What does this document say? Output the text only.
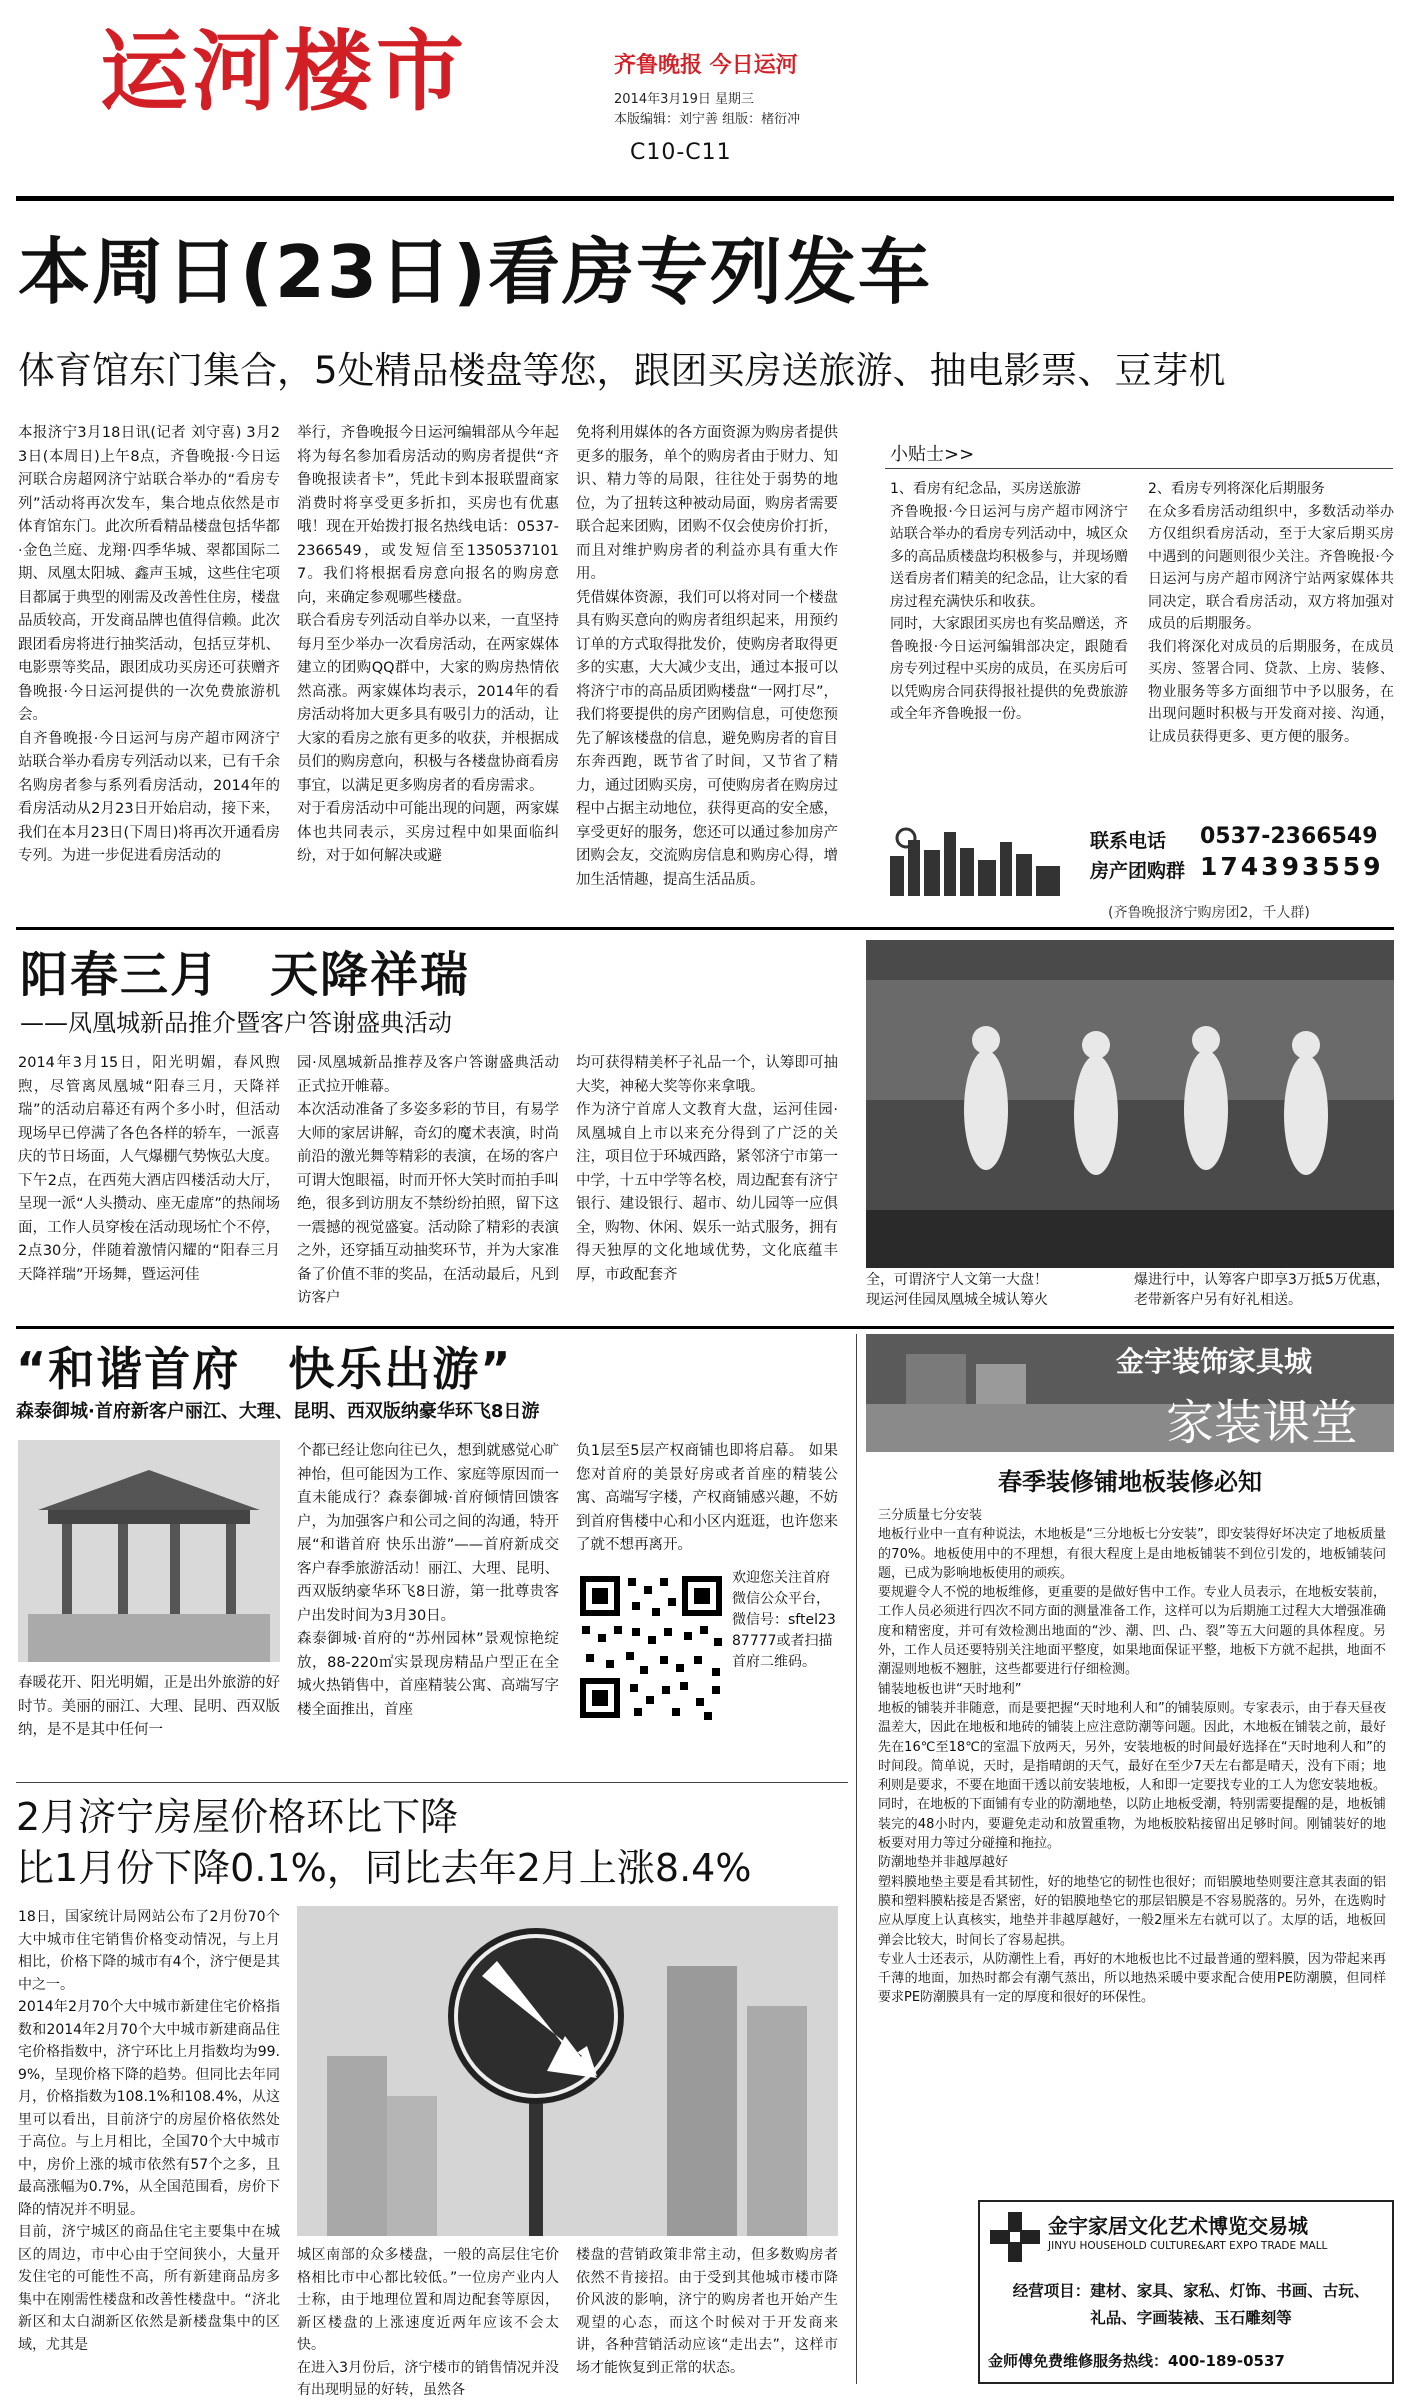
运河楼市	齐鲁晚报 今日运河
2014年3月19日 星期三
本版编辑：刘宁善 组版：楮衍冲
C10-C11
本周日(23日)看房专列发车
体育馆东门集合，5处精品楼盘等您，跟团买房送旅游、抽电影票、豆芽机
本报济宁3月18日讯(记者 刘守喜) 3月23日(本周日)上午8点，齐鲁晚报·今日运河联合房超网济宁站联合举办的“看房专列”活动将再次发车，集合地点依然是市体育馆东门。此次所看精品楼盘包括华都·金色兰庭、龙翔·四季华城、翠都国际二期、凤凰太阳城、鑫声玉城，这些住宅项目都属于典型的刚需及改善性住房，楼盘品质较高，开发商品牌也值得信赖。此次跟团看房将进行抽奖活动，包括豆芽机、电影票等奖品，跟团成功买房还可获赠齐鲁晚报·今日运河提供的一次免费旅游机会。
自齐鲁晚报·今日运河与房产超市网济宁站联合举办看房专列活动以来，已有千余名购房者参与系列看房活动，2014年的看房活动从2月23日开始启动，接下来，我们在本月23日(下周日)将再次开通看房专列。为进一步促进看房活动的
举行，齐鲁晚报今日运河编辑部从今年起将为每名参加看房活动的购房者提供“齐鲁晚报读者卡”，凭此卡到本报联盟商家消费时将享受更多折扣，买房也有优惠哦！现在开始拨打报名热线电话：0537-2366549，或发短信至13505371017。我们将根据看房意向报名的购房意向，来确定参观哪些楼盘。
联合看房专列活动自举办以来，一直坚持每月至少举办一次看房活动，在两家媒体建立的团购QQ群中，大家的购房热情依然高涨。两家媒体均表示，2014年的看房活动将加大更多具有吸引力的活动，让大家的看房之旅有更多的收获，并根据成员们的购房意向，积极与各楼盘协商看房事宜，以满足更多购房者的看房需求。
对于看房活动中可能出现的问题，两家媒体也共同表示，买房过程中如果面临纠纷，对于如何解决或避
免将利用媒体的各方面资源为购房者提供更多的服务，单个的购房者由于财力、知识、精力等的局限，往往处于弱势的地位，为了扭转这种被动局面，购房者需要联合起来团购，团购不仅会使房价打折，而且对维护购房者的利益亦具有重大作用。
凭借媒体资源，我们可以将对同一个楼盘具有购买意向的购房者组织起来，用预约订单的方式取得批发价，使购房者取得更多的实惠，大大减少支出，通过本报可以将济宁市的高品质团购楼盘“一网打尽”，我们将要提供的房产团购信息，可使您预先了解该楼盘的信息，避免购房者的盲目东奔西跑，既节省了时间，又节省了精力，通过团购买房，可使购房者在购房过程中占据主动地位，获得更高的安全感，享受更好的服务，您还可以通过参加房产团购会友，交流购房信息和购房心得，增加生活情趣，提高生活品质。
小贴士>>
1、看房有纪念品，买房送旅游
齐鲁晚报·今日运河与房产超市网济宁站联合举办的看房专列活动中，城区众多的高品质楼盘均积极参与，并现场赠送看房者们精美的纪念品，让大家的看房过程充满快乐和收获。
同时，大家跟团买房也有奖品赠送，齐鲁晚报·今日运河编辑部决定，跟随看房专列过程中买房的成员，在买房后可以凭购房合同获得报社提供的免费旅游或全年齐鲁晚报一份。
2、看房专列将深化后期服务
在众多看房活动组织中，多数活动举办方仅组织看房活动，至于大家后期买房中遇到的问题则很少关注。齐鲁晚报·今日运河与房产超市网济宁站两家媒体共同决定，联合看房活动，双方将加强对成员的后期服务。
我们将深化对成员的后期服务，在成员买房、签署合同、贷款、上房、装修、物业服务等多方面细节中予以服务，在出现问题时积极与开发商对接、沟通，让成员获得更多、更方便的服务。
联系电话 0537-2366549
房产团购群 174393559
(齐鲁晚报济宁购房团2，千人群)
阳春三月　天降祥瑞
——凤凰城新品推介暨客户答谢盛典活动
2014年3月15日，阳光明媚，春风煦煦，尽管离凤凰城“阳春三月，天降祥瑞”的活动启幕还有两个多小时，但活动现场早已停满了各色各样的轿车，一派喜庆的节日场面，人气爆棚气势恢弘大度。
下午2点，在西苑大酒店四楼活动大厅，呈现一派“人头攒动、座无虚席”的热闹场面，工作人员穿梭在活动现场忙个不停，2点30分，伴随着激情闪耀的“阳春三月天降祥瑞”开场舞，暨运河佳
园·凤凰城新品推荐及客户答谢盛典活动正式拉开帷幕。
本次活动准备了多姿多彩的节目，有易学大师的家居讲解，奇幻的魔术表演，时尚前沿的激光舞等精彩的表演，在场的客户可谓大饱眼福，时而开怀大笑时而拍手叫绝，很多到访朋友不禁纷纷拍照，留下这一震撼的视觉盛宴。活动除了精彩的表演之外，还穿插互动抽奖环节，并为大家准备了价值不菲的奖品，在活动最后，凡到访客户
均可获得精美杯子礼品一个，认筹即可抽大奖，神秘大奖等你来拿哦。
作为济宁首席人文教育大盘，运河佳园·凤凰城自上市以来充分得到了广泛的关注，项目位于环城西路，紧邻济宁市第一中学，十五中学等名校，周边配套有济宁银行、建设银行、超市、幼儿园等一应俱全，购物、休闲、娱乐一站式服务，拥有得天独厚的文化地域优势，文化底蕴丰厚，市政配套齐	全，可谓济宁人文第一大盘！
现运河佳园凤凰城全城认筹火
爆进行中，认筹客户即享3万抵5万优惠，老带新客户另有好礼相送。
“和谐首府　快乐出游”
森泰御城·首府新客户丽江、大理、昆明、西双版纳豪华环飞8日游
春暖花开、阳光明媚，正是出外旅游的好时节。美丽的丽江、大理、昆明、西双版纳，是不是其中任何一
个都已经让您向往已久，想到就感觉心旷神怡，但可能因为工作、家庭等原因而一直未能成行？森泰御城·首府倾情回馈客户，为加强客户和公司之间的沟通，特开展“和谐首府 快乐出游”——首府新成交客户春季旅游活动！丽江、大理、昆明、西双版纳豪华环飞8日游，第一批尊贵客户出发时间为3月30日。
森泰御城·首府的“苏州园林”景观惊艳绽放，88-220㎡实景现房精品户型正在全城火热销售中，首座精装公寓、高端写字楼全面推出，首座
负1层至5层产权商铺也即将启幕。 如果您对首府的美景好房或者首座的精装公寓、高端写字楼，产权商铺感兴趣，不妨到首府售楼中心和小区内逛逛，也许您来了就不想再离开。
欢迎您关注首府微信公众平台，微信号：sftel2387777或者扫描首府二维码。
2月济宁房屋价格环比下降
比1月份下降0.1%，同比去年2月上涨8.4%
18日，国家统计局网站公布了2月份70个大中城市住宅销售价格变动情况，与上月相比，价格下降的城市有4个，济宁便是其中之一。
2014年2月70个大中城市新建住宅价格指数和2014年2月70个大中城市新建商品住宅价格指数中，济宁环比上月指数均为99.9%，呈现价格下降的趋势。但同比去年同月，价格指数为108.1%和108.4%，从这里可以看出，目前济宁的房屋价格依然处于高位。与上月相比，全国70个大中城市中，房价上涨的城市依然有57个之多，且最高涨幅为0.7%，从全国范围看，房价下降的情况并不明显。
目前，济宁城区的商品住宅主要集中在城区的周边，市中心由于空间狭小，大量开发住宅的可能性不高，所有新建商品房多集中在刚需性楼盘和改善性楼盘中。“济北新区和太白湖新区依然是新楼盘集中的区域，尤其是
城区南部的众多楼盘，一般的高层住宅价格相比市中心都比较低。”一位房产业内人士称，由于地理位置和周边配套等原因，新区楼盘的上涨速度近两年应该不会太快。
在进入3月份后，济宁楼市的销售情况并没有出现明显的好转，虽然各
楼盘的营销政策非常主动，但多数购房者依然不肯接招。由于受到其他城市楼市降价风波的影响，济宁的购房者也开始产生观望的心态，而这个时候对于开发商来讲，各种营销活动应该“走出去”，这样市场才能恢复到正常的状态。
金宇装饰家具城
家装课堂
春季装修铺地板装修必知
三分质量七分安装
地板行业中一直有种说法，木地板是“三分地板七分安装”，即安装得好坏决定了地板质量的70%。地板使用中的不理想，有很大程度上是由地板铺装不到位引发的，地板铺装问题，已成为影响地板使用的顽疾。
要规避令人不悦的地板维修，更重要的是做好售中工作。专业人员表示，在地板安装前，工作人员必须进行四次不同方面的测量准备工作，这样可以为后期施工过程大大增强准确度和精密度，并可有效检测出地面的“沙、潮、凹、凸、裂”等五大问题的具体程度。另外，工作人员还要特别关注地面平整度，如果地面保证平整，地板下方就不起拱，地面不潮湿则地板不翘脏，这些都要进行仔细检测。
铺装地板也讲“天时地利”
地板的铺装并非随意，而是要把握“天时地利人和”的铺装原则。专家表示，由于春天昼夜温差大，因此在地板和地砖的铺装上应注意防潮等问题。因此，木地板在铺装之前，最好先在16℃至18℃的室温下放两天，另外，安装地板的时间最好选择在“天时地利人和”的时间段。简单说，天时，是指晴朗的天气，最好在至少7天左右都是晴天，没有下雨；地利则是要求，不要在地面干透以前安装地板，人和即一定要找专业的工人为您安装地板。同时，在地板的下面铺有专业的防潮地垫，以防止地板受潮，特别需要提醒的是，地板铺装完的48小时内，要避免走动和放置重物，为地板胶粘接留出足够时间。刚铺装好的地板要对用力等过分碰撞和拖拉。
防潮地垫并非越厚越好
塑料膜地垫主要是看其韧性，好的地垫它的韧性也很好；而铝膜地垫则要注意其表面的铝膜和塑料膜粘接是否紧密，好的铝膜地垫它的那层铝膜是不容易脱落的。另外，在选购时应从厚度上认真核实，地垫并非越厚越好，一般2厘米左右就可以了。太厚的话，地板回弹会比较大，时间长了容易起拱。
专业人士还表示，从防潮性上看，再好的木地板也比不过最普通的塑料膜，因为带起来再千薄的地面，加热时都会有潮气蒸出，所以地热采暖中要求配合使用PE防潮膜，但同样要求PE防潮膜具有一定的厚度和很好的环保性。
金宇家居文化艺术博览交易城
JINYU HOUSEHOLD CULTURE&ART EXPO TRADE MALL
经营项目：建材、家具、家私、灯饰、书画、古玩、礼品、字画装裱、玉石雕刻等
金师傅免费维修服务热线：400-189-0537
